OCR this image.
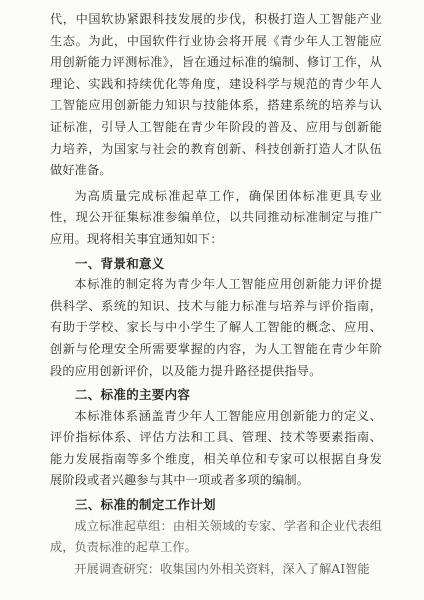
代，中国软协紧跟科技发展的步伐，积极打造人工智能产业生态。为此，中国软件行业协会将开展《青少年人工智能应用创新能力评测标准》，旨在通过标准的编制、修订工作，从理论、实践和持续优化等角度，建设科学与规范的青少年人工智能应用创新能力知识与技能体系，搭建系统的培养与认证标准，引导人工智能在青少年阶段的普及、应用与创新能力培养，为国家与社会的教育创新、科技创新打造人才队伍做好准备。

为高质量完成标准起草工作，确保团体标准更具专业性，现公开征集标准参编单位，以共同推动标准制定与推广应用。现将相关事宜通知如下：

一、背景和意义

本标准的制定将为青少年人工智能应用创新能力评价提供科学、系统的知识、技术与能力标准与培养与评价指南，有助于学校、家长与中小学生了解人工智能的概念、应用、创新与伦理安全所需要掌握的内容，为人工智能在青少年阶段的应用创新评价，以及能力提升路径提供指导。

二、标准的主要内容

本标准体系涵盖青少年人工智能应用创新能力的定义、评价指标体系、评估方法和工具、管理、技术等要素指南、能力发展指南等多个维度，相关单位和专家可以根据自身发展阶段或者兴趣参与其中一项或者多项的编制。

三、标准的制定工作计划

成立标准起草组：由相关领域的专家、学者和企业代表组成，负责标准的起草工作。

开展调查研究：收集国内外相关资料，深入了解AI智能
